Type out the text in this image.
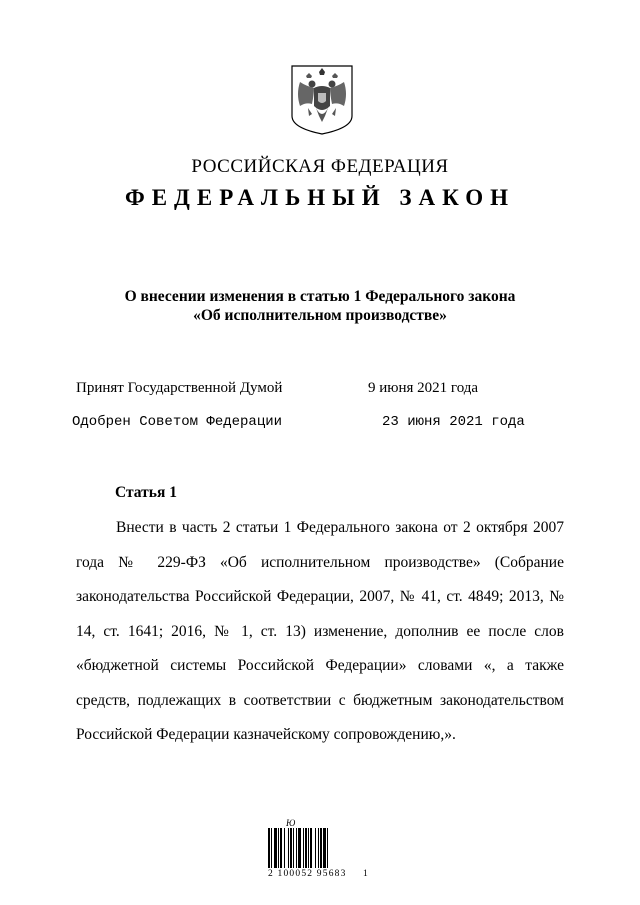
РОССИЙСКАЯ ФЕДЕРАЦИЯ
ФЕДЕРАЛЬНЫЙ ЗАКОН
О внесении изменения в статью 1 Федерального закона
«Об исполнительном производстве»
Принят Государственной Думой	9 июня 2021 года
Одобрен Советом Федерации	23 июня 2021 года
Статья 1

Внести в часть 2 статьи 1 Федерального закона от 2 октября 2007 года № 229-ФЗ «Об исполнительном производстве» (Собрание законодательства Российской Федерации, 2007, № 41, ст. 4849; 2013, № 14, ст. 1641; 2016, № 1, ст. 13) изменение, дополнив ее после слов «бюджетной системы Российской Федерации» словами «, а также средств, подлежащих в соответствии с бюджетным законодательством Российской Федерации казначейскому сопровождению,».

Ю
2 100052 95683 1
